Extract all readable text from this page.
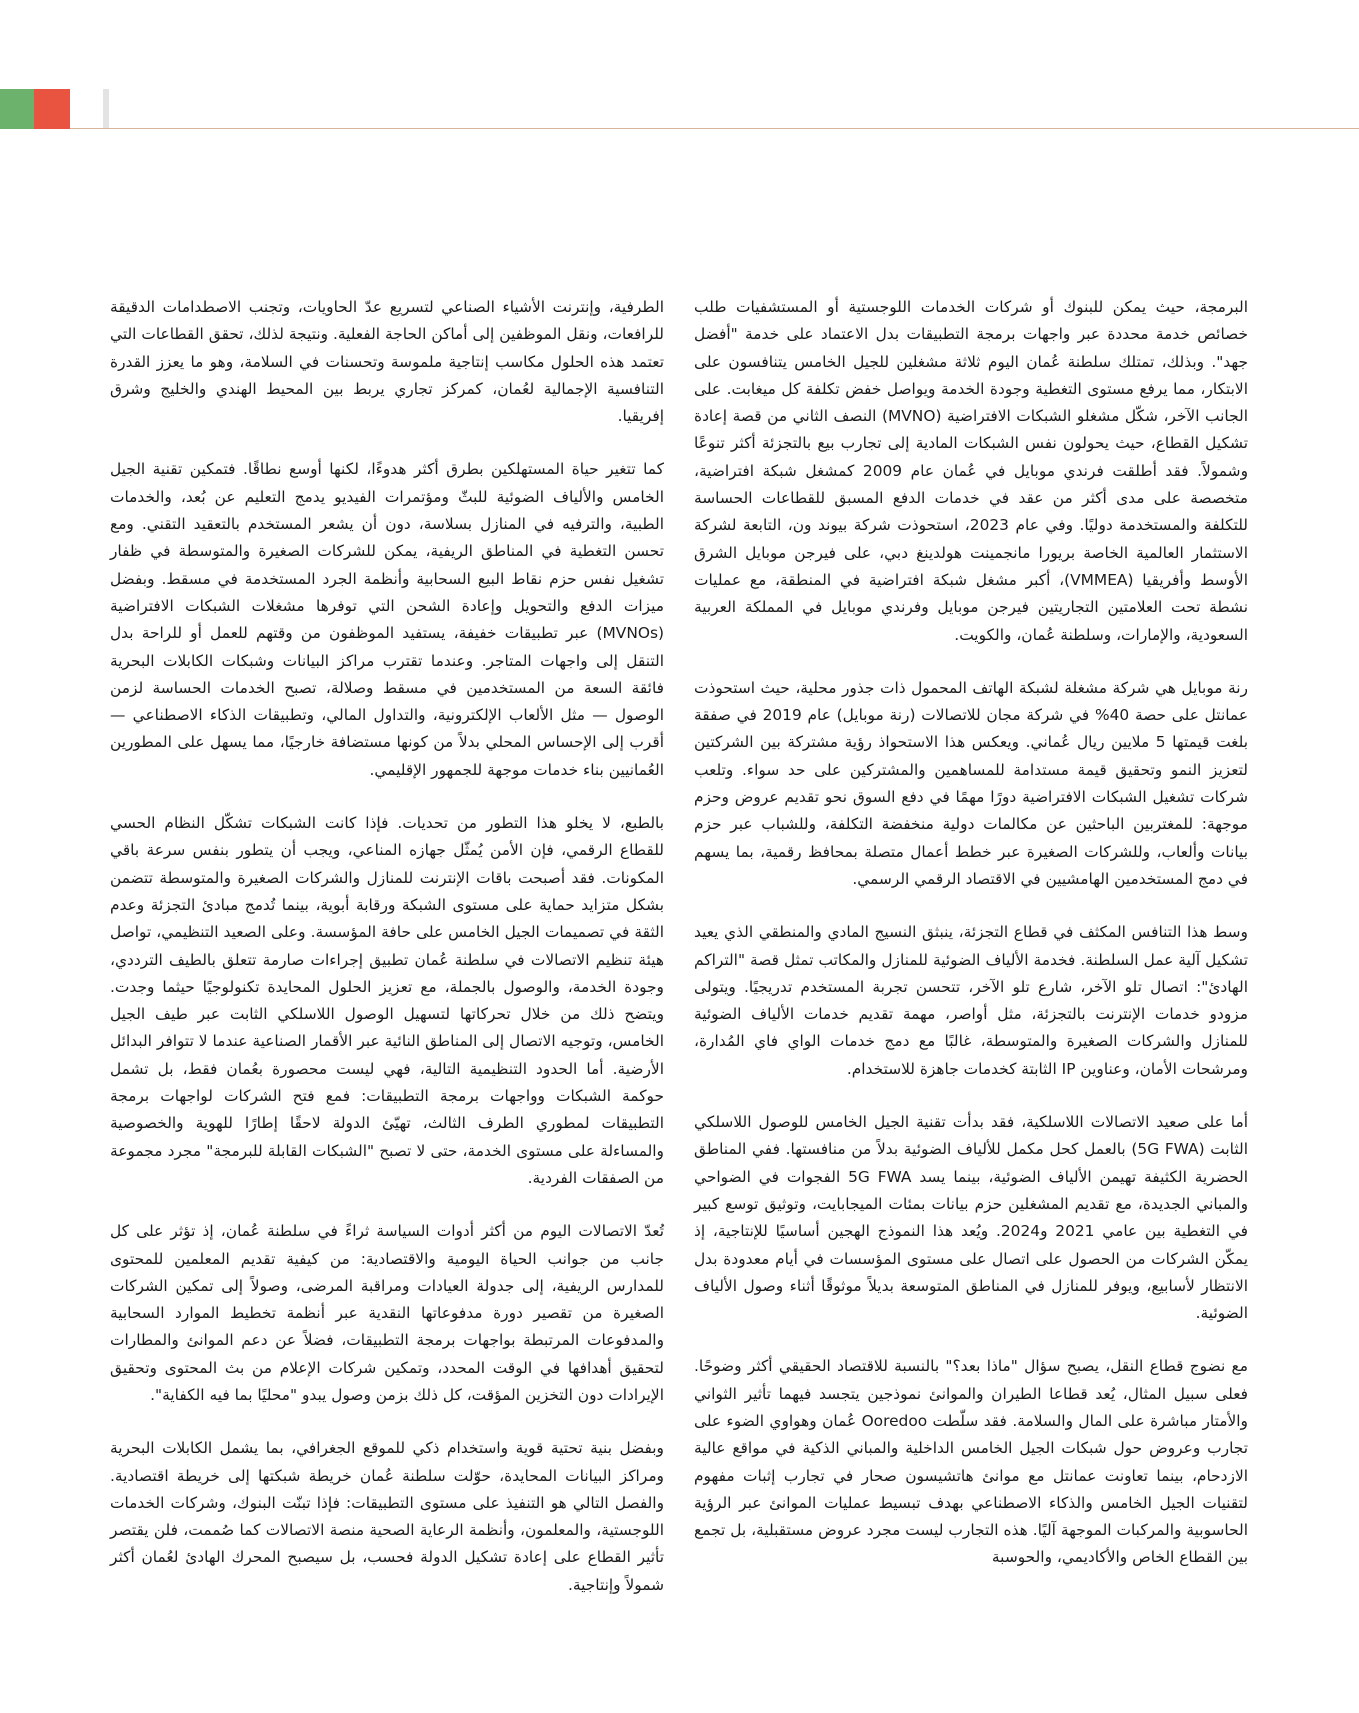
البرمجة، حيث يمكن للبنوك أو شركات الخدمات اللوجستية أو المستشفيات طلب خصائص خدمة محددة عبر واجهات برمجة التطبيقات بدل الاعتماد على خدمة "أفضل جهد". وبذلك، تمتلك سلطنة عُمان اليوم ثلاثة مشغلين للجيل الخامس يتنافسون على الابتكار، مما يرفع مستوى التغطية وجودة الخدمة ويواصل خفض تكلفة كل ميغابت. على الجانب الآخر، شكّل مشغلو الشبكات الافتراضية (MVNO) النصف الثاني من قصة إعادة تشكيل القطاع، حيث يحولون نفس الشبكات المادية إلى تجارب بيع بالتجزئة أكثر تنوعًا وشمولاً. فقد أطلقت فرندي موبايل في عُمان عام 2009 كمشغل شبكة افتراضية، متخصصة على مدى أكثر من عقد في خدمات الدفع المسبق للقطاعات الحساسة للتكلفة والمستخدمة دوليًا. وفي عام 2023، استحوذت شركة بيوند ون، التابعة لشركة الاستثمار العالمية الخاصة بريورا مانجمينت هولدينغ دبي، على فيرجن موبايل الشرق الأوسط وأفريقيا (VMMEA)، أكبر مشغل شبكة افتراضية في المنطقة، مع عمليات نشطة تحت العلامتين التجاريتين فيرجن موبايل وفرندي موبايل في المملكة العربية السعودية، والإمارات، وسلطنة عُمان، والكويت.

رنة موبايل هي شركة مشغلة لشبكة الهاتف المحمول ذات جذور محلية، حيث استحوذت عمانتل على حصة 40% في شركة مجان للاتصالات (رنة موبايل) عام 2019 في صفقة بلغت قيمتها 5 ملايين ريال عُماني. ويعكس هذا الاستحواذ رؤية مشتركة بين الشركتين لتعزيز النمو وتحقيق قيمة مستدامة للمساهمين والمشتركين على حد سواء. وتلعب شركات تشغيل الشبكات الافتراضية دورًا مهمًا في دفع السوق نحو تقديم عروض وحزم موجهة: للمغتربين الباحثين عن مكالمات دولية منخفضة التكلفة، وللشباب عبر حزم بيانات وألعاب، وللشركات الصغيرة عبر خطط أعمال متصلة بمحافظ رقمية، بما يسهم في دمج المستخدمين الهامشيين في الاقتصاد الرقمي الرسمي.

وسط هذا التنافس المكثف في قطاع التجزئة، ينبثق النسيج المادي والمنطقي الذي يعيد تشكيل آلية عمل السلطنة. فخدمة الألياف الضوئية للمنازل والمكاتب تمثل قصة "التراكم الهادئ": اتصال تلو الآخر، شارع تلو الآخر، تتحسن تجربة المستخدم تدريجيًا. ويتولى مزودو خدمات الإنترنت بالتجزئة، مثل أواصر، مهمة تقديم خدمات الألياف الضوئية للمنازل والشركات الصغيرة والمتوسطة، غالبًا مع دمج خدمات الواي فاي المُدارة، ومرشحات الأمان، وعناوين IP الثابتة كخدمات جاهزة للاستخدام.

أما على صعيد الاتصالات اللاسلكية، فقد بدأت تقنية الجيل الخامس للوصول اللاسلكي الثابت (5G FWA) بالعمل كحل مكمل للألياف الضوئية بدلاً من منافستها. ففي المناطق الحضرية الكثيفة تهيمن الألياف الضوئية، بينما يسد 5G FWA الفجوات في الضواحي والمباني الجديدة، مع تقديم المشغلين حزم بيانات بمئات الميجابايت، وتوثيق توسع كبير في التغطية بين عامي 2021 و2024. ويُعد هذا النموذج الهجين أساسيًا للإنتاجية، إذ يمكّن الشركات من الحصول على اتصال على مستوى المؤسسات في أيام معدودة بدل الانتظار لأسابيع، ويوفر للمنازل في المناطق المتوسعة بديلاً موثوقًا أثناء وصول الألياف الضوئية.

مع نضوج قطاع النقل، يصبح سؤال "ماذا بعد؟" بالنسبة للاقتصاد الحقيقي أكثر وضوحًا. فعلى سبيل المثال، يُعد قطاعا الطيران والموانئ نموذجين يتجسد فيهما تأثير الثواني والأمتار مباشرة على المال والسلامة. فقد سلّطت Ooredoo عُمان وهواوي الضوء على تجارب وعروض حول شبكات الجيل الخامس الداخلية والمباني الذكية في مواقع عالية الازدحام، بينما تعاونت عمانتل مع موانئ هاتشيسون صحار في تجارب إثبات مفهوم لتقنيات الجيل الخامس والذكاء الاصطناعي بهدف تبسيط عمليات الموانئ عبر الرؤية الحاسوبية والمركبات الموجهة آليًا. هذه التجارب ليست مجرد عروض مستقبلية، بل تجمع بين القطاع الخاص والأكاديمي، والحوسبة

الطرفية، وإنترنت الأشياء الصناعي لتسريع عدّ الحاويات، وتجنب الاصطدامات الدقيقة للرافعات، ونقل الموظفين إلى أماكن الحاجة الفعلية. ونتيجة لذلك، تحقق القطاعات التي تعتمد هذه الحلول مكاسب إنتاجية ملموسة وتحسنات في السلامة، وهو ما يعزز القدرة التنافسية الإجمالية لعُمان، كمركز تجاري يربط بين المحيط الهندي والخليج وشرق إفريقيا.

كما تتغير حياة المستهلكين بطرق أكثر هدوءًا، لكنها أوسع نطاقًا. فتمكين تقنية الجيل الخامس والألياف الضوئية للبثّ ومؤتمرات الفيديو يدمج التعليم عن بُعد، والخدمات الطبية، والترفيه في المنازل بسلاسة، دون أن يشعر المستخدم بالتعقيد التقني. ومع تحسن التغطية في المناطق الريفية، يمكن للشركات الصغيرة والمتوسطة في ظفار تشغيل نفس حزم نقاط البيع السحابية وأنظمة الجرد المستخدمة في مسقط. وبفضل ميزات الدفع والتحويل وإعادة الشحن التي توفرها مشغلات الشبكات الافتراضية (MVNOs) عبر تطبيقات خفيفة، يستفيد الموظفون من وقتهم للعمل أو للراحة بدل التنقل إلى واجهات المتاجر. وعندما تقترب مراكز البيانات وشبكات الكابلات البحرية فائقة السعة من المستخدمين في مسقط وصلالة، تصبح الخدمات الحساسة لزمن الوصول — مثل الألعاب الإلكترونية، والتداول المالي، وتطبيقات الذكاء الاصطناعي — أقرب إلى الإحساس المحلي بدلاً من كونها مستضافة خارجيًا، مما يسهل على المطورين العُمانيين بناء خدمات موجهة للجمهور الإقليمي.

بالطبع، لا يخلو هذا التطور من تحديات. فإذا كانت الشبكات تشكّل النظام الحسي للقطاع الرقمي، فإن الأمن يُمثّل جهازه المناعي، ويجب أن يتطور بنفس سرعة باقي المكونات. فقد أصبحت باقات الإنترنت للمنازل والشركات الصغيرة والمتوسطة تتضمن بشكل متزايد حماية على مستوى الشبكة ورقابة أبوية، بينما تُدمج مبادئ التجزئة وعدم الثقة في تصميمات الجيل الخامس على حافة المؤسسة. وعلى الصعيد التنظيمي، تواصل هيئة تنظيم الاتصالات في سلطنة عُمان تطبيق إجراءات صارمة تتعلق بالطيف الترددي، وجودة الخدمة، والوصول بالجملة، مع تعزيز الحلول المحايدة تكنولوجيًا حيثما وجدت. ويتضح ذلك من خلال تحركاتها لتسهيل الوصول اللاسلكي الثابت عبر طيف الجيل الخامس، وتوجيه الاتصال إلى المناطق النائية عبر الأقمار الصناعية عندما لا تتوافر البدائل الأرضية. أما الحدود التنظيمية التالية، فهي ليست محصورة بعُمان فقط، بل تشمل حوكمة الشبكات وواجهات برمجة التطبيقات: فمع فتح الشركات لواجهات برمجة التطبيقات لمطوري الطرف الثالث، تهيّئ الدولة لاحقًا إطارًا للهوية والخصوصية والمساءلة على مستوى الخدمة، حتى لا تصبح "الشبكات القابلة للبرمجة" مجرد مجموعة من الصفقات الفردية.

تُعدّ الاتصالات اليوم من أكثر أدوات السياسة ثراءً في سلطنة عُمان، إذ تؤثر على كل جانب من جوانب الحياة اليومية والاقتصادية: من كيفية تقديم المعلمين للمحتوى للمدارس الريفية، إلى جدولة العيادات ومراقبة المرضى، وصولاً إلى تمكين الشركات الصغيرة من تقصير دورة مدفوعاتها النقدية عبر أنظمة تخطيط الموارد السحابية والمدفوعات المرتبطة بواجهات برمجة التطبيقات، فضلاً عن دعم الموانئ والمطارات لتحقيق أهدافها في الوقت المحدد، وتمكين شركات الإعلام من بث المحتوى وتحقيق الإيرادات دون التخزين المؤقت، كل ذلك بزمن وصول يبدو "محليًا بما فيه الكفاية".

وبفضل بنية تحتية قوية واستخدام ذكي للموقع الجغرافي، بما يشمل الكابلات البحرية ومراكز البيانات المحايدة، حوّلت سلطنة عُمان خريطة شبكتها إلى خريطة اقتصادية. والفصل التالي هو التنفيذ على مستوى التطبيقات: فإذا تبنّت البنوك، وشركات الخدمات اللوجستية، والمعلمون، وأنظمة الرعاية الصحية منصة الاتصالات كما صُممت، فلن يقتصر تأثير القطاع على إعادة تشكيل الدولة فحسب، بل سيصبح المحرك الهادئ لعُمان أكثر شمولاً وإنتاجية.
